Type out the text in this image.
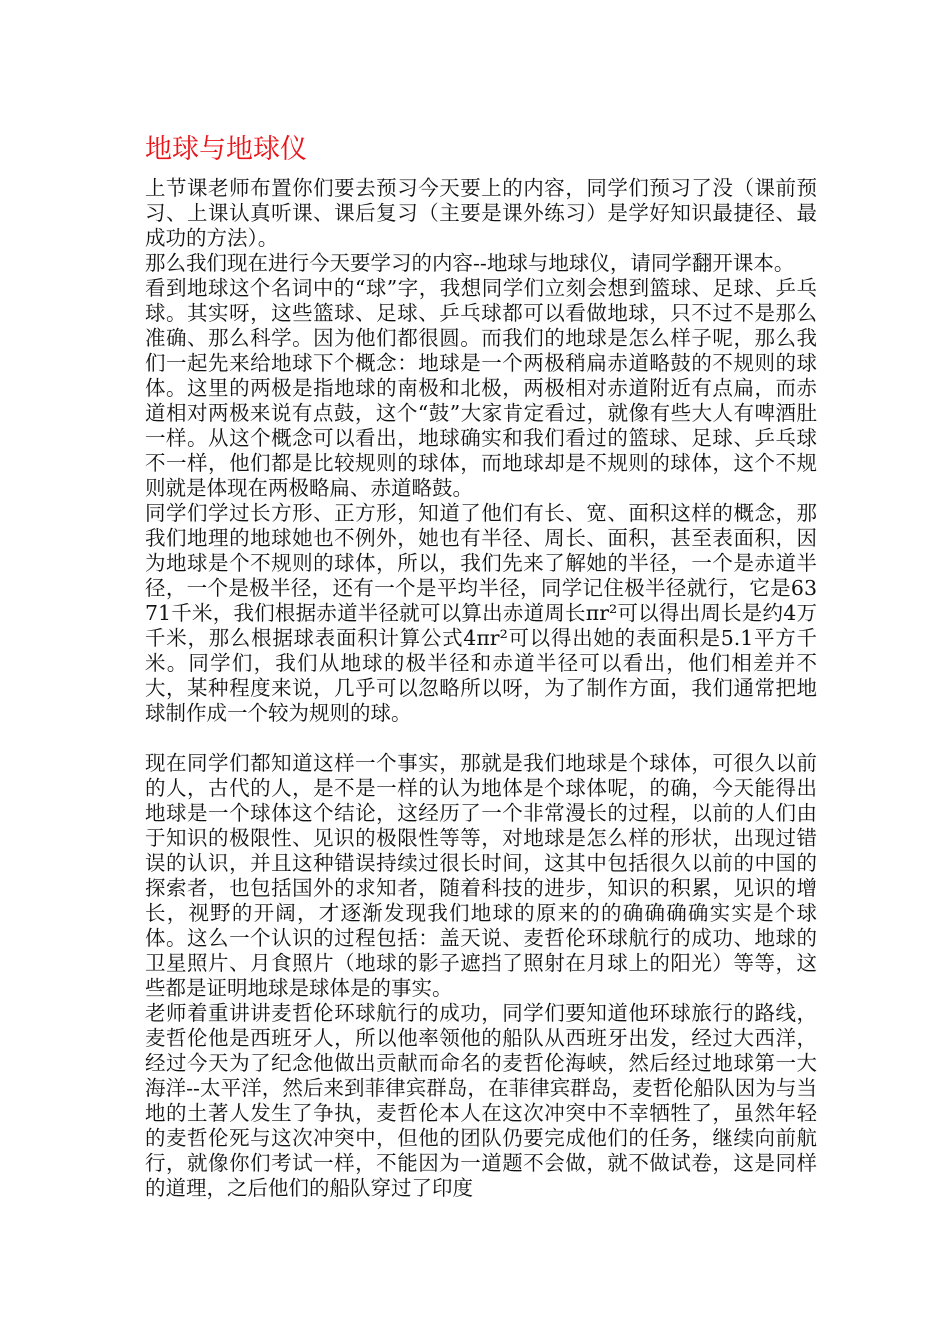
地球与地球仪

上节课老师布置你们要去预习今天要上的内容，同学们预习了没（课前预习、上课认真听课、课后复习（主要是课外练习）是学好知识最捷径、最成功的方法）。

那么我们现在进行今天要学习的内容--地球与地球仪，请同学翻开课本。

看到地球这个名词中的“球”字，我想同学们立刻会想到篮球、足球、乒乓球。其实呀，这些篮球、足球、乒乓球都可以看做地球，只不过不是那么准确、那么科学。因为他们都很圆。而我们的地球是怎么样子呢，那么我们一起先来给地球下个概念：地球是一个两极稍扁赤道略鼓的不规则的球体。这里的两极是指地球的南极和北极，两极相对赤道附近有点扁，而赤道相对两极来说有点鼓，这个“鼓”大家肯定看过，就像有些大人有啤酒肚一样。从这个概念可以看出，地球确实和我们看过的篮球、足球、乒乓球不一样，他们都是比较规则的球体，而地球却是不规则的球体，这个不规则就是体现在两极略扁、赤道略鼓。

同学们学过长方形、正方形，知道了他们有长、宽、面积这样的概念，那我们地理的地球她也不例外，她也有半径、周长、面积，甚至表面积，因为地球是个不规则的球体，所以，我们先来了解她的半径，一个是赤道半径，一个是极半径，还有一个是平均半径，同学记住极半径就行，它是6371千米，我们根据赤道半径就可以算出赤道周长πr²可以得出周长是约4万千米，那么根据球表面积计算公式4πr²可以得出她的表面积是5.1平方千米。同学们，我们从地球的极半径和赤道半径可以看出，他们相差并不大，某种程度来说，几乎可以忽略所以呀，为了制作方面，我们通常把地球制作成一个较为规则的球。

现在同学们都知道这样一个事实，那就是我们地球是个球体，可很久以前的人，古代的人，是不是一样的认为地体是个球体呢，的确，今天能得出地球是一个球体这个结论，这经历了一个非常漫长的过程，以前的人们由于知识的极限性、见识的极限性等等，对地球是怎么样的形状，出现过错误的认识，并且这种错误持续过很长时间，这其中包括很久以前的中国的探索者，也包括国外的求知者，随着科技的进步，知识的积累，见识的增长，视野的开阔，才逐渐发现我们地球的原来的的确确确确实实是个球体。这么一个认识的过程包括：盖天说、麦哲伦环球航行的成功、地球的卫星照片、月食照片（地球的影子遮挡了照射在月球上的阳光）等等，这些都是证明地球是球体是的事实。

老师着重讲讲麦哲伦环球航行的成功，同学们要知道他环球旅行的路线，麦哲伦他是西班牙人，所以他率领他的船队从西班牙出发，经过大西洋，经过今天为了纪念他做出贡献而命名的麦哲伦海峡，然后经过地球第一大海洋--太平洋，然后来到菲律宾群岛，在菲律宾群岛，麦哲伦船队因为与当地的土著人发生了争执，麦哲伦本人在这次冲突中不幸牺牲了，虽然年轻的麦哲伦死与这次冲突中，但他的团队仍要完成他们的任务，继续向前航行，就像你们考试一样，不能因为一道题不会做，就不做试卷，这是同样的道理，之后他们的船队穿过了印度
